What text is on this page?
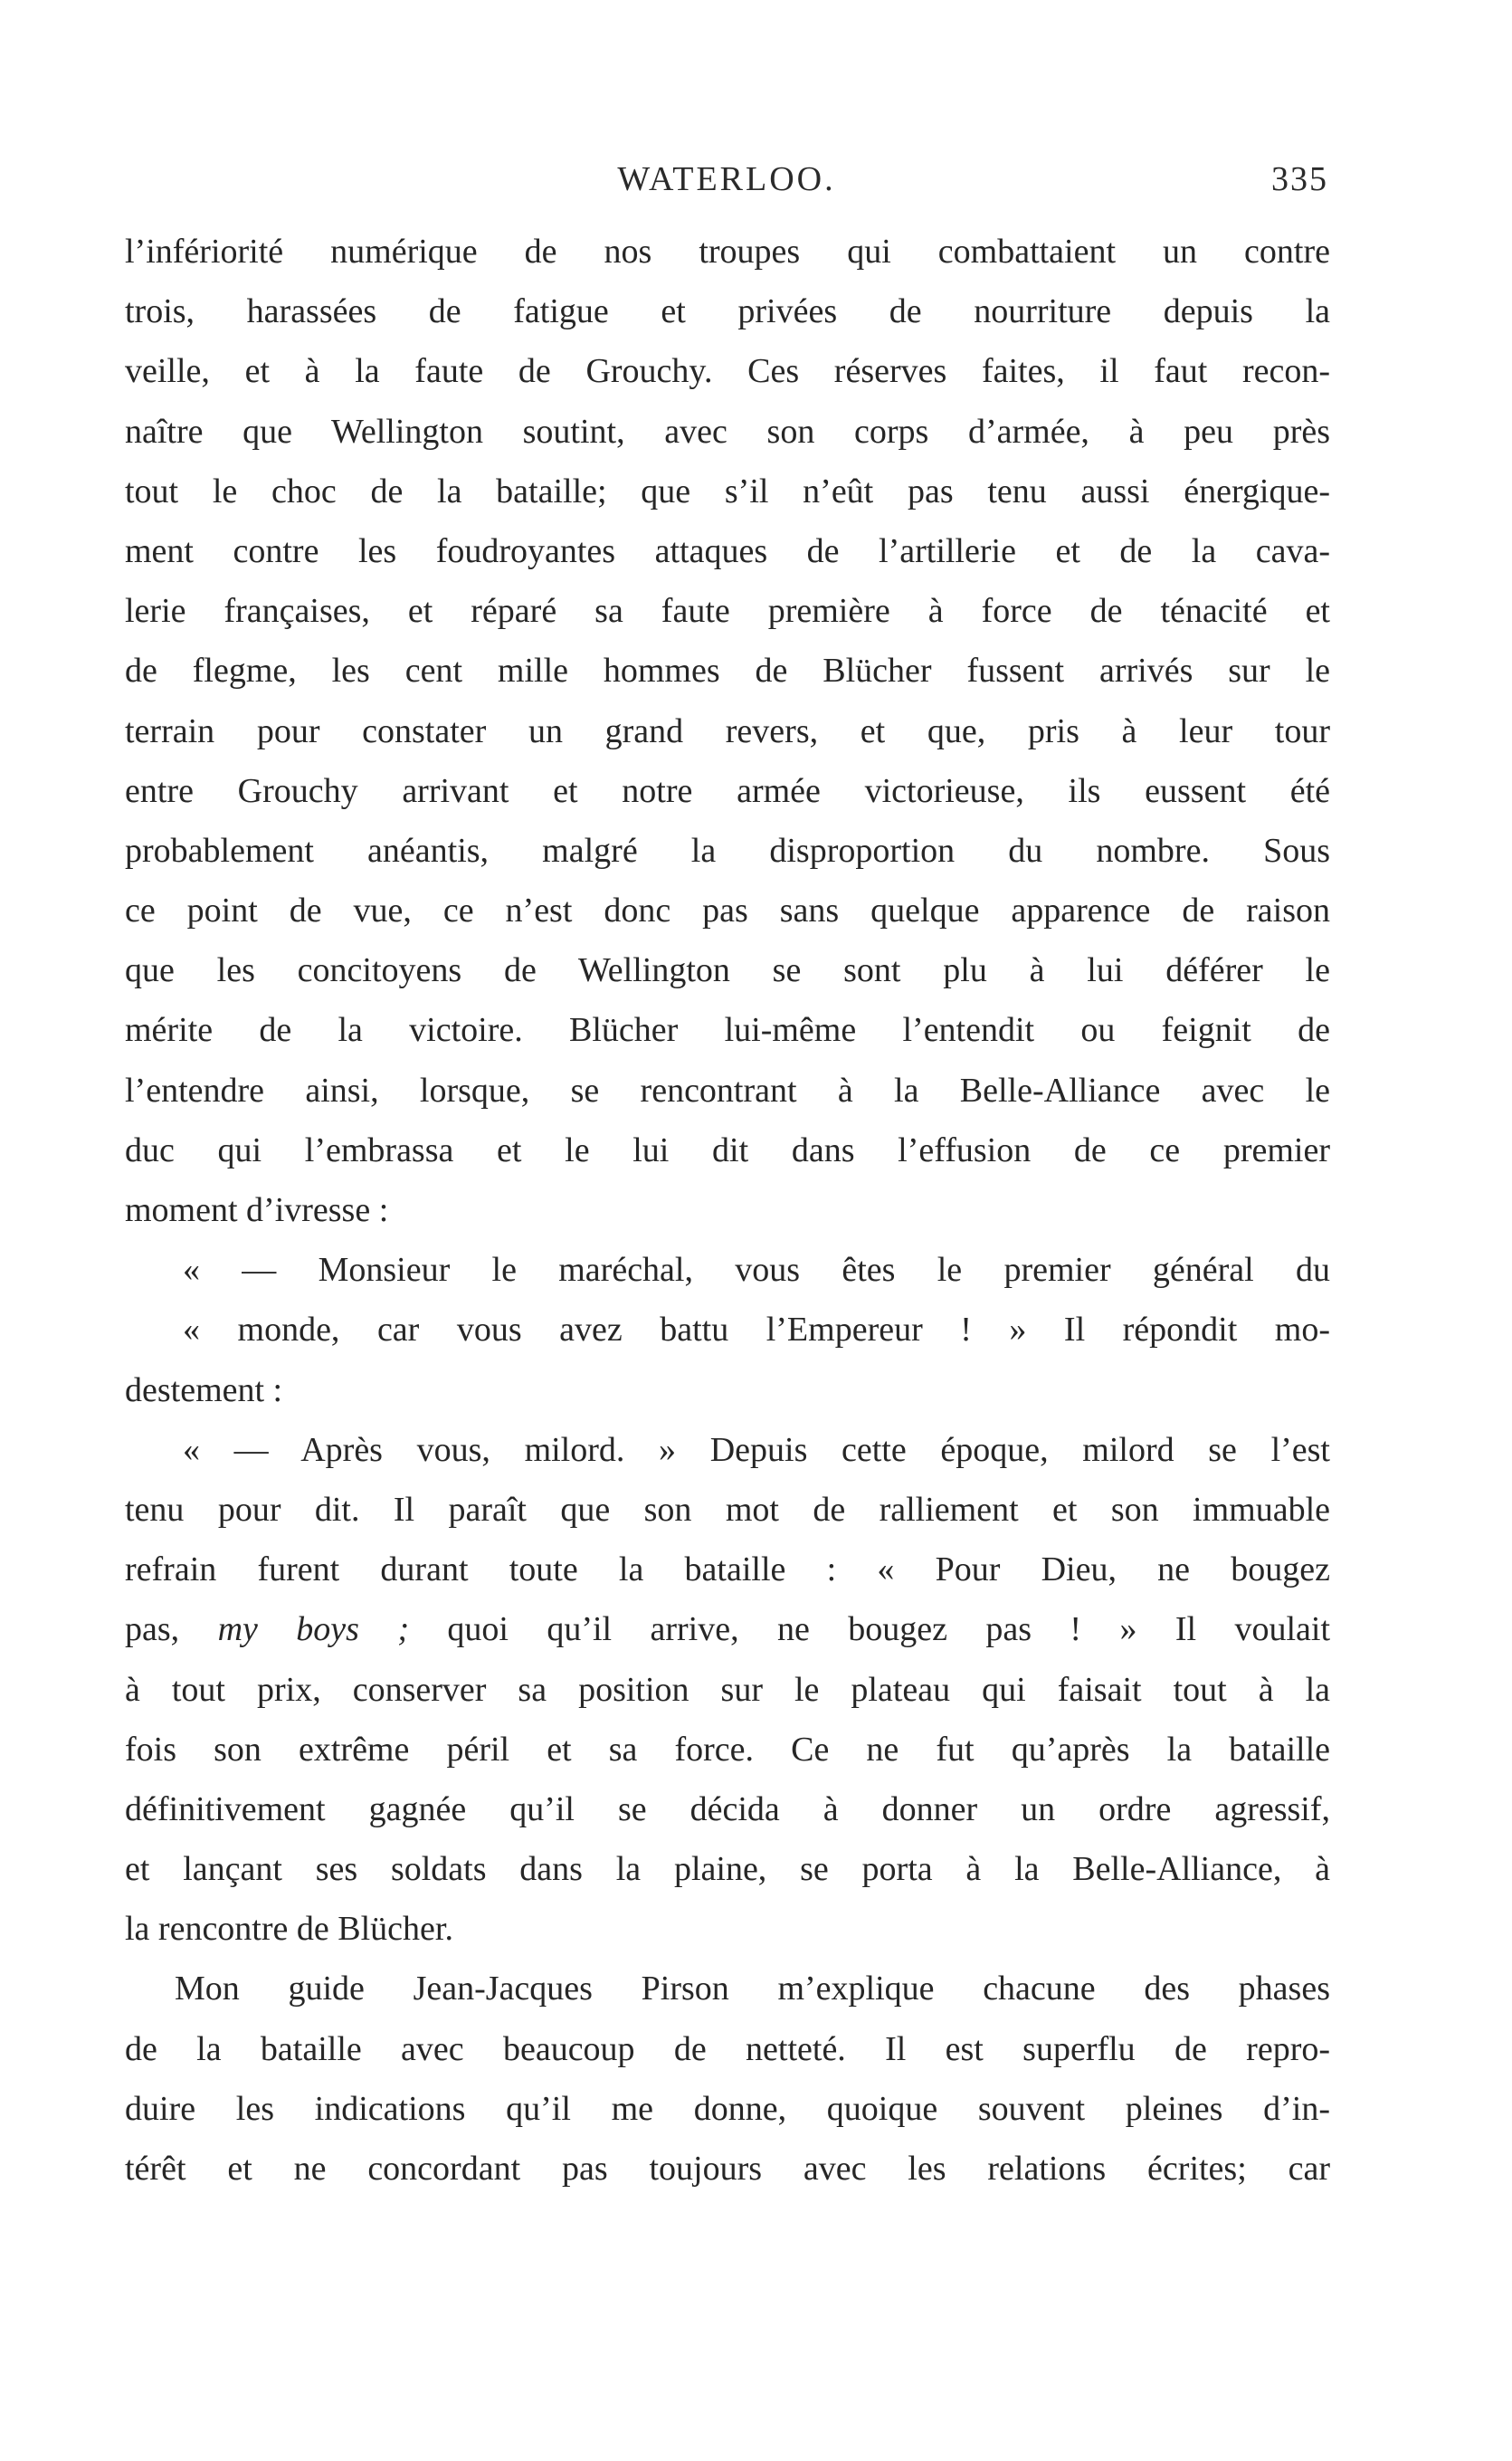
WATERLOO.	335
l’infériorité numérique de nos troupes qui combattaient un contre
trois, harassées de fatigue et privées de nourriture depuis la
veille, et à la faute de Grouchy. Ces réserves faites, il faut recon-
naître que Wellington soutint, avec son corps d’armée, à peu près
tout le choc de la bataille; que s’il n’eût pas tenu aussi énergique-
ment contre les foudroyantes attaques de l’artillerie et de la cava-
lerie françaises, et réparé sa faute première à force de ténacité et
de flegme, les cent mille hommes de Blücher fussent arrivés sur le
terrain pour constater un grand revers, et que, pris à leur tour
entre Grouchy arrivant et notre armée victorieuse, ils eussent été
probablement anéantis, malgré la disproportion du nombre. Sous
ce point de vue, ce n’est donc pas sans quelque apparence de raison
que les concitoyens de Wellington se sont plu à lui déférer le
mérite de la victoire. Blücher lui-même l’entendit ou feignit de
l’entendre ainsi, lorsque, se rencontrant à la Belle-Alliance avec le
duc qui l’embrassa et le lui dit dans l’effusion de ce premier
moment d’ivresse :
« — Monsieur le maréchal, vous êtes le premier général du
« monde, car vous avez battu l’Empereur ! » Il répondit mo-
destement :
« — Après vous, milord. » Depuis cette époque, milord se l’est
tenu pour dit. Il paraît que son mot de ralliement et son immuable
refrain furent durant toute la bataille : « Pour Dieu, ne bougez
pas, my boys ; quoi qu’il arrive, ne bougez pas ! » Il voulait
à tout prix, conserver sa position sur le plateau qui faisait tout à la
fois son extrême péril et sa force. Ce ne fut qu’après la bataille
définitivement gagnée qu’il se décida à donner un ordre agressif,
et lançant ses soldats dans la plaine, se porta à la Belle-Alliance, à
la rencontre de Blücher.
Mon guide Jean-Jacques Pirson m’explique chacune des phases
de la bataille avec beaucoup de netteté. Il est superflu de repro-
duire les indications qu’il me donne, quoique souvent pleines d’in-
térêt et ne concordant pas toujours avec les relations écrites; car
